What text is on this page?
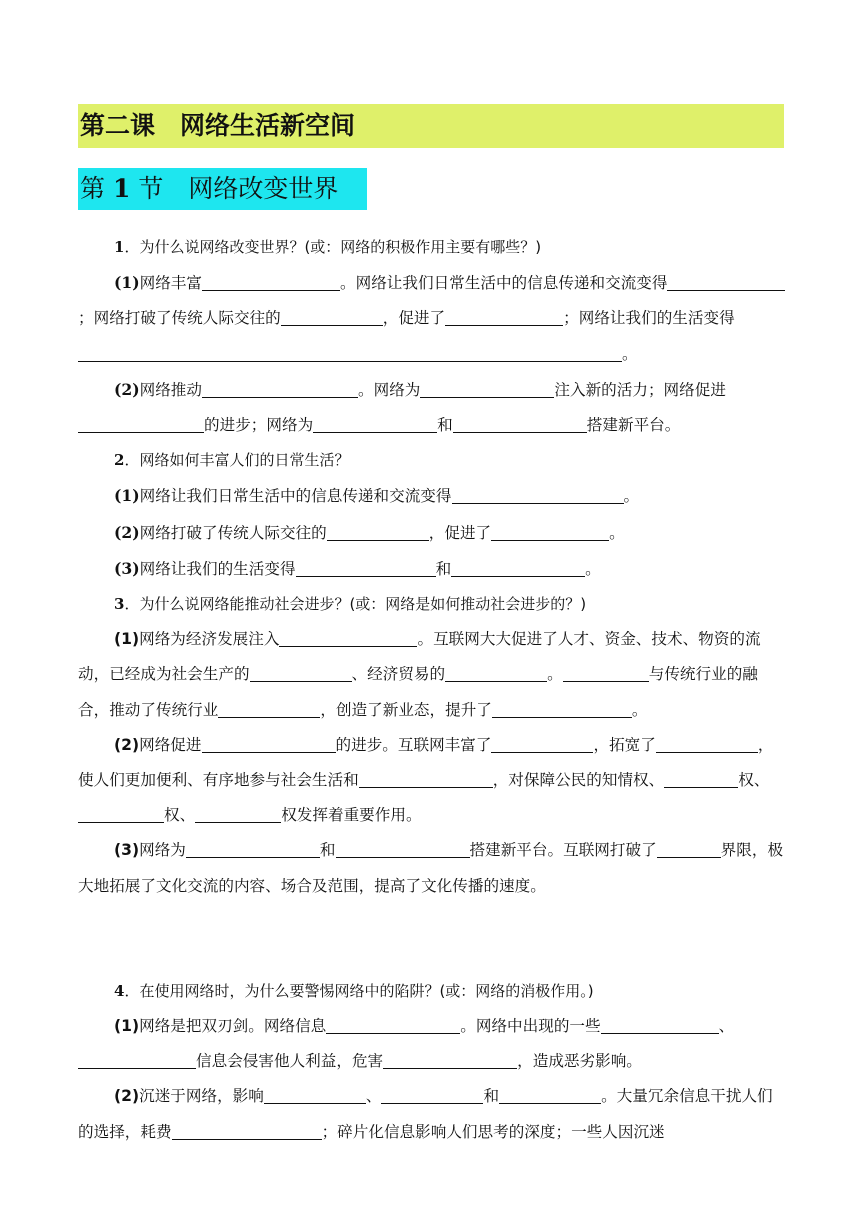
第二课　网络生活新空间
第 1 节　网络改变世界

1．为什么说网络改变世界？(或：网络的积极作用主要有哪些？)

(1)网络丰富	。网络让我们日常生活中的信息传递和交流变得；网络打破了传统人际交往的	，促进了	；网络让我们的生活变得。

(2)网络推动	。网络为	注入新的活力；网络促进的进步；网络为	和	搭建新平台。

2．网络如何丰富人们的日常生活？

(1)网络让我们日常生活中的信息传递和交流变得	。

(2)网络打破了传统人际交往的	，促进了	。

(3)网络让我们的生活变得	和	。

3．为什么说网络能推动社会进步？(或：网络是如何推动社会进步的？)

(1)网络为经济发展注入	。互联网大大促进了人才、资金、技术、物资的流动，已经成为社会生产的	、经济贸易的	。	与传统行业的融合，推动了传统行业	，创造了新业态，提升了	。

(2)网络促进	的进步。互联网丰富了	，拓宽了	，使人们更加便利、有序地参与社会生活和	，对保障公民的知情权、	权、权、	权发挥着重要作用。

(3)网络为	和	搭建新平台。互联网打破了	界限，极大地拓展了文化交流的内容、场合及范围，提高了文化传播的速度。

4．在使用网络时，为什么要警惕网络中的陷阱？(或：网络的消极作用。)

(1)网络是把双刃剑。网络信息	。网络中出现的一些	、信息会侵害他人利益，危害	，造成恶劣影响。

(2)沉迷于网络，影响	、	和	。大量冗余信息干扰人们的选择，耗费	；碎片化信息影响人们思考的深度；一些人因沉迷
